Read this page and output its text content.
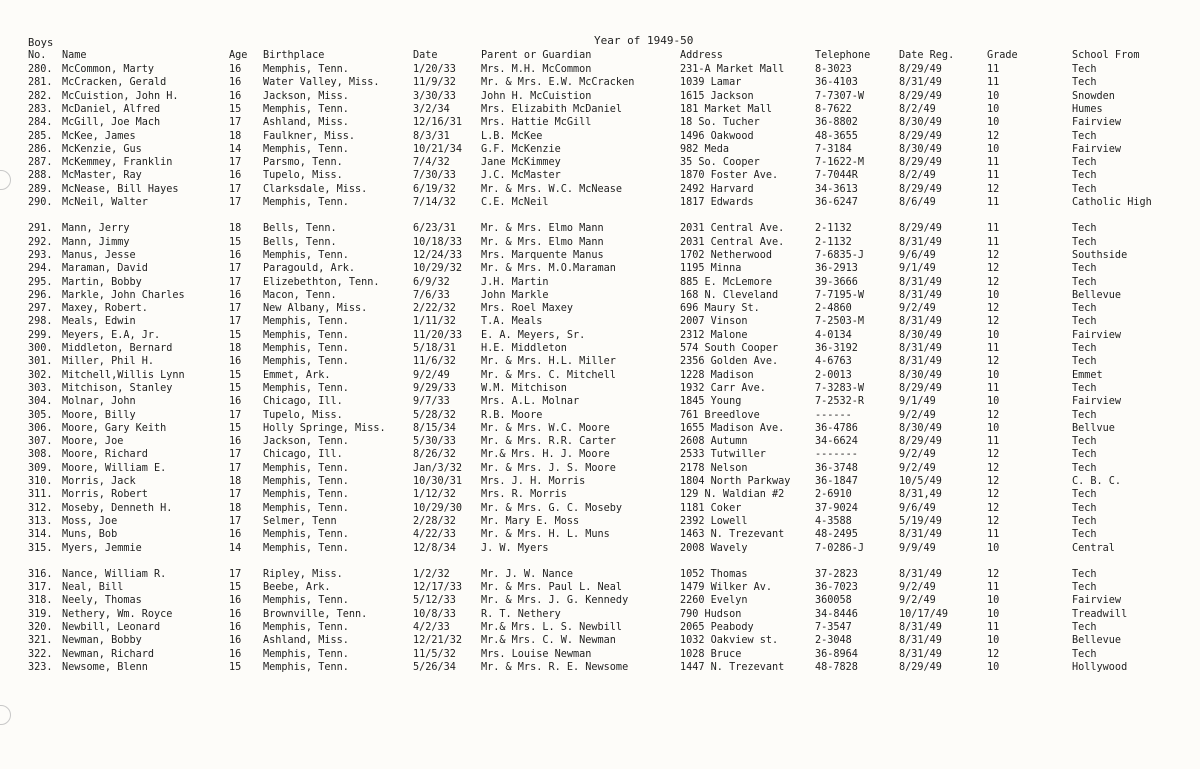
Boys	Year of 1949-50
No. Name	Age Birthplace	Date	Parent or Guardian	Address	Telephone	Date Reg.	Grade	School From
280. McCommon, Marty	16 Memphis, Tenn.	1/20/33 Mrs. M.H. McCommon	231-A Market Mall	8-3023	8/29/49	11	Tech
281. McCracken, Gerald	16 Water Valley, Miss.	11/9/32 Mr. & Mrs. E.W. McCracken	1039 Lamar	36-4103	8/31/49	11	Tech
282. McCuistion, John H.	16 Jackson, Miss.	3/30/33 John H. McCuistion	1615 Jackson	7-7307-W	8/29/49	10	Snowden
283. McDaniel, Alfred	15 Memphis, Tenn.	3/2/34	Mrs. Elizabith McDaniel	181 Market Mall	8-7622	8/2/49	10	Humes
284. McGill, Joe Mach	17 Ashland, Miss.	12/16/31 Mrs. Hattie McGill	18 So. Tucher	36-8802	8/30/49	10	Fairview
285. McKee, James	18 Faulkner, Miss.	8/3/31	L.B. McKee	1496 Oakwood	48-3655	8/29/49	12	Tech
286. McKenzie, Gus	14 Memphis, Tenn.	10/21/34 G.F. McKenzie	982 Meda	7-3184	8/30/49	10	Fairview
287. McKemmey, Franklin	17 Parsmo, Tenn.	7/4/32	Jane McKimmey	35 So. Cooper	7-1622-M	8/29/49	11	Tech
288. McMaster, Ray	16 Tupelo, Miss.	7/30/33 J.C. McMaster	1870 Foster Ave.	7-7044R	8/2/49	11	Tech
289. McNease, Bill Hayes	17 Clarksdale, Miss.	6/19/32 Mr. & Mrs. W.C. McNease	2492 Harvard	34-3613	8/29/49	12	Tech
290. McNeil, Walter	17 Memphis, Tenn.	7/14/32 C.E. McNeil	1817 Edwards	36-6247	8/6/49	11	Catholic High
291. Mann, Jerry	18 Bells, Tenn.	6/23/31 Mr. & Mrs. Elmo Mann	2031 Central Ave.	2-1132	8/29/49	11	Tech
292. Mann, Jimmy	15 Bells, Tenn.	10/18/33 Mr. & Mrs. Elmo Mann	2031 Central Ave.	2-1132	8/31/49	11	Tech
293. Manus, Jesse	16 Memphis, Tenn.	12/24/33 Mrs. Marquente Manus	1702 Netherwood	7-6835-J	9/6/49	12	Southside
294. Maraman, David	17 Paragould, Ark.	10/29/32 Mr. & Mrs. M.O.Maraman	1195 Minna	36-2913	9/1/49	12	Tech
295. Martin, Bobby	17 Elizebethton, Tenn.	6/9/32	J.H. Martin	885 E. McLemore	39-3666	8/31/49	12	Tech
296. Markle, John Charles	16 Macon, Tenn.	7/6/33	John Markle	168 N. Cleveland	7-7195-W	8/31/49	10	Bellevue
297. Maxey, Robert.	17 New Albany, Miss.	2/22/32 Mrs. Roel Maxey	696 Maury St.	2-4860	9/2/49	12	Tech
298. Meals, Edwin	17 Memphis, Tenn.	1/11/32 T.A. Meals	2007 Vinson	7-2503-M	8/31/49	12	Tech
299. Meyers, E.A, Jr.	15 Memphis, Tenn.	11/20/33 E. A. Meyers, Sr.	2312 Malone	4-0134	8/30/49	10	Fairview
300. Middleton, Bernard	18 Memphis, Tenn.	5/18/31 H.E. Middleton	574 South Cooper	36-3192	8/31/49	11	Tech
301. Miller, Phil H.	16 Memphis, Tenn.	11/6/32 Mr. & Mrs. H.L. Miller	2356 Golden Ave.	4-6763	8/31/49	12	Tech
302. Mitchell,Willis Lynn	15 Emmet, Ark.	9/2/49	Mr. & Mrs. C. Mitchell	1228 Madison	2-0013	8/30/49	10	Emmet
303. Mitchison, Stanley	15 Memphis, Tenn.	9/29/33 W.M. Mitchison	1932 Carr Ave.	7-3283-W	8/29/49	11	Tech
304. Molnar, John	16 Chicago, Ill.	9/7/33	Mrs. A.L. Molnar	1845 Young	7-2532-R	9/1/49	10	Fairview
305. Moore, Billy	17 Tupelo, Miss.	5/28/32 R.B. Moore	761 Breedlove	------	9/2/49	12	Tech
306. Moore, Gary Keith	15 Holly Springe, Miss.	8/15/34 Mr. & Mrs. W.C. Moore	1655 Madison Ave.	36-4786	8/30/49	10	Bellvue
307. Moore, Joe	16 Jackson, Tenn.	5/30/33 Mr. & Mrs. R.R. Carter	2608 Autumn	34-6624	8/29/49	11	Tech
308. Moore, Richard	17 Chicago, Ill.	8/26/32 Mr.& Mrs. H. J. Moore	2533 Tutwiller	-------	9/2/49	12	Tech
309. Moore, William E.	17 Memphis, Tenn.	Jan/3/32 Mr. & Mrs. J. S. Moore	2178 Nelson	36-3748	9/2/49	12	Tech
310. Morris, Jack	18 Memphis, Tenn.	10/30/31 Mrs. J. H. Morris	1804 North Parkway 36-1847	10/5/49	12	C. B. C.
311. Morris, Robert	17 Memphis, Tenn.	1/12/32 Mrs. R. Morris	129 N. Waldian #2	2-6910	8/31,49	12	Tech
312. Moseby, Denneth H.	18 Memphis, Tenn.	10/29/30 Mr. & Mrs. G. C. Moseby	1181 Coker	37-9024	9/6/49	12	Tech
313. Moss, Joe	17 Selmer, Tenn	2/28/32 Mr. Mary E. Moss	2392 Lowell	4-3588	5/19/49	12	Tech
314. Muns, Bob	16 Memphis, Tenn.	4/22/33 Mr. & Mrs. H. L. Muns	1463 N. Trezevant	48-2495	8/31/49	11	Tech
315. Myers, Jemmie	14 Memphis, Tenn.	12/8/34 J. W. Myers	2008 Wavely	7-0286-J	9/9/49	10	Central
316. Nance, William R.	17 Ripley, Miss.	1/2/32	Mr. J. W. Nance	1052 Thomas	37-2823	8/31/49	12	Tech
317. Neal, Bill	15 Beebe, Ark.	12/17/33 Mr. & Mrs. Paul L. Neal	1479 Wilker Av.	36-7023	9/2/49	11	Tech
318. Neely, Thomas	16 Memphis, Tenn.	5/12/33 Mr. & Mrs. J. G. Kennedy	2260 Evelyn	360058	9/2/49	10	Fairview
319. Nethery, Wm. Royce	16 Brownville, Tenn.	10/8/33 R. T. Nethery	790 Hudson	34-8446	10/17/49	10	Treadwill
320. Newbill, Leonard	16 Memphis, Tenn.	4/2/33	Mr.& Mrs. L. S. Newbill	2065 Peabody	7-3547	8/31/49	11	Tech
321. Newman, Bobby	16 Ashland, Miss.	12/21/32 Mr.& Mrs. C. W. Newman	1032 Oakview st.	2-3048	8/31/49	10	Bellevue
322. Newman, Richard	16 Memphis, Tenn.	11/5/32 Mrs. Louise Newman	1028 Bruce	36-8964	8/31/49	12	Tech
323. Newsome, Blenn	15 Memphis, Tenn.	5/26/34 Mr. & Mrs. R. E. Newsome	1447 N. Trezevant	48-7828	8/29/49	10	Hollywood
